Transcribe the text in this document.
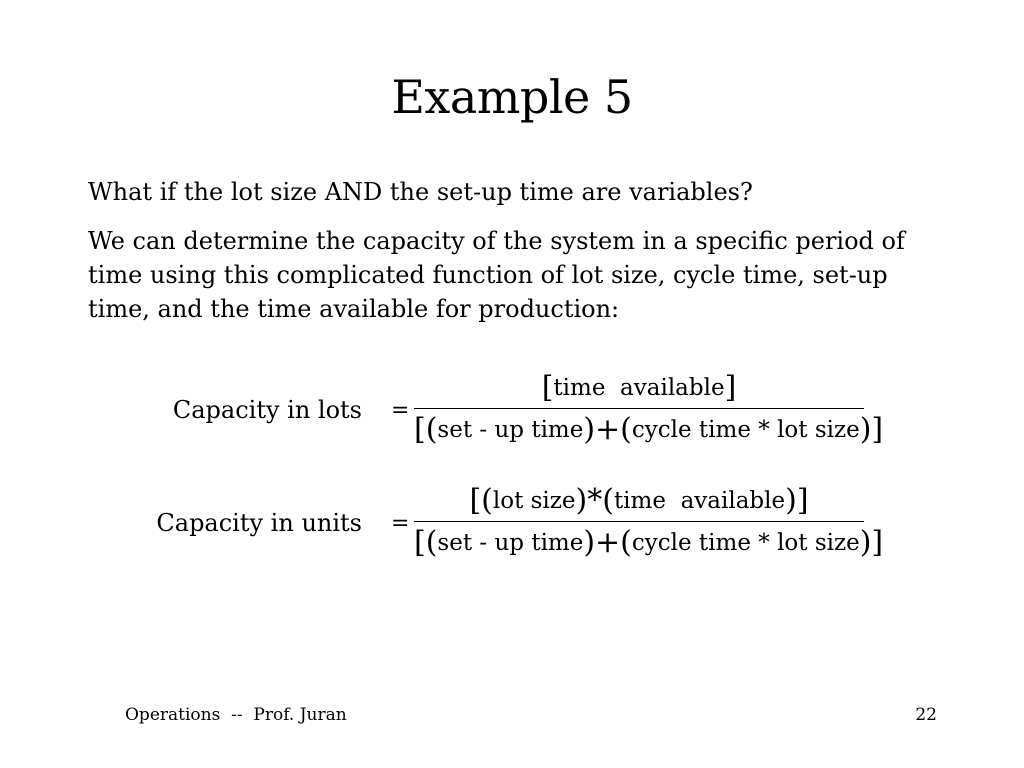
Example 5
What if the lot size AND the set-up time are variables?
We can determine the capacity of the system in a specific period of time using this complicated function of lot size, cycle time, set-up time, and the time available for production:
Capacity in lots =
[time  available]
[(set - up time)+(cycle time * lot size)]
Capacity in units =
[(lot size)*(time  available)]
[(set - up time)+(cycle time * lot size)]
Operations  --  Prof. Juran	22
